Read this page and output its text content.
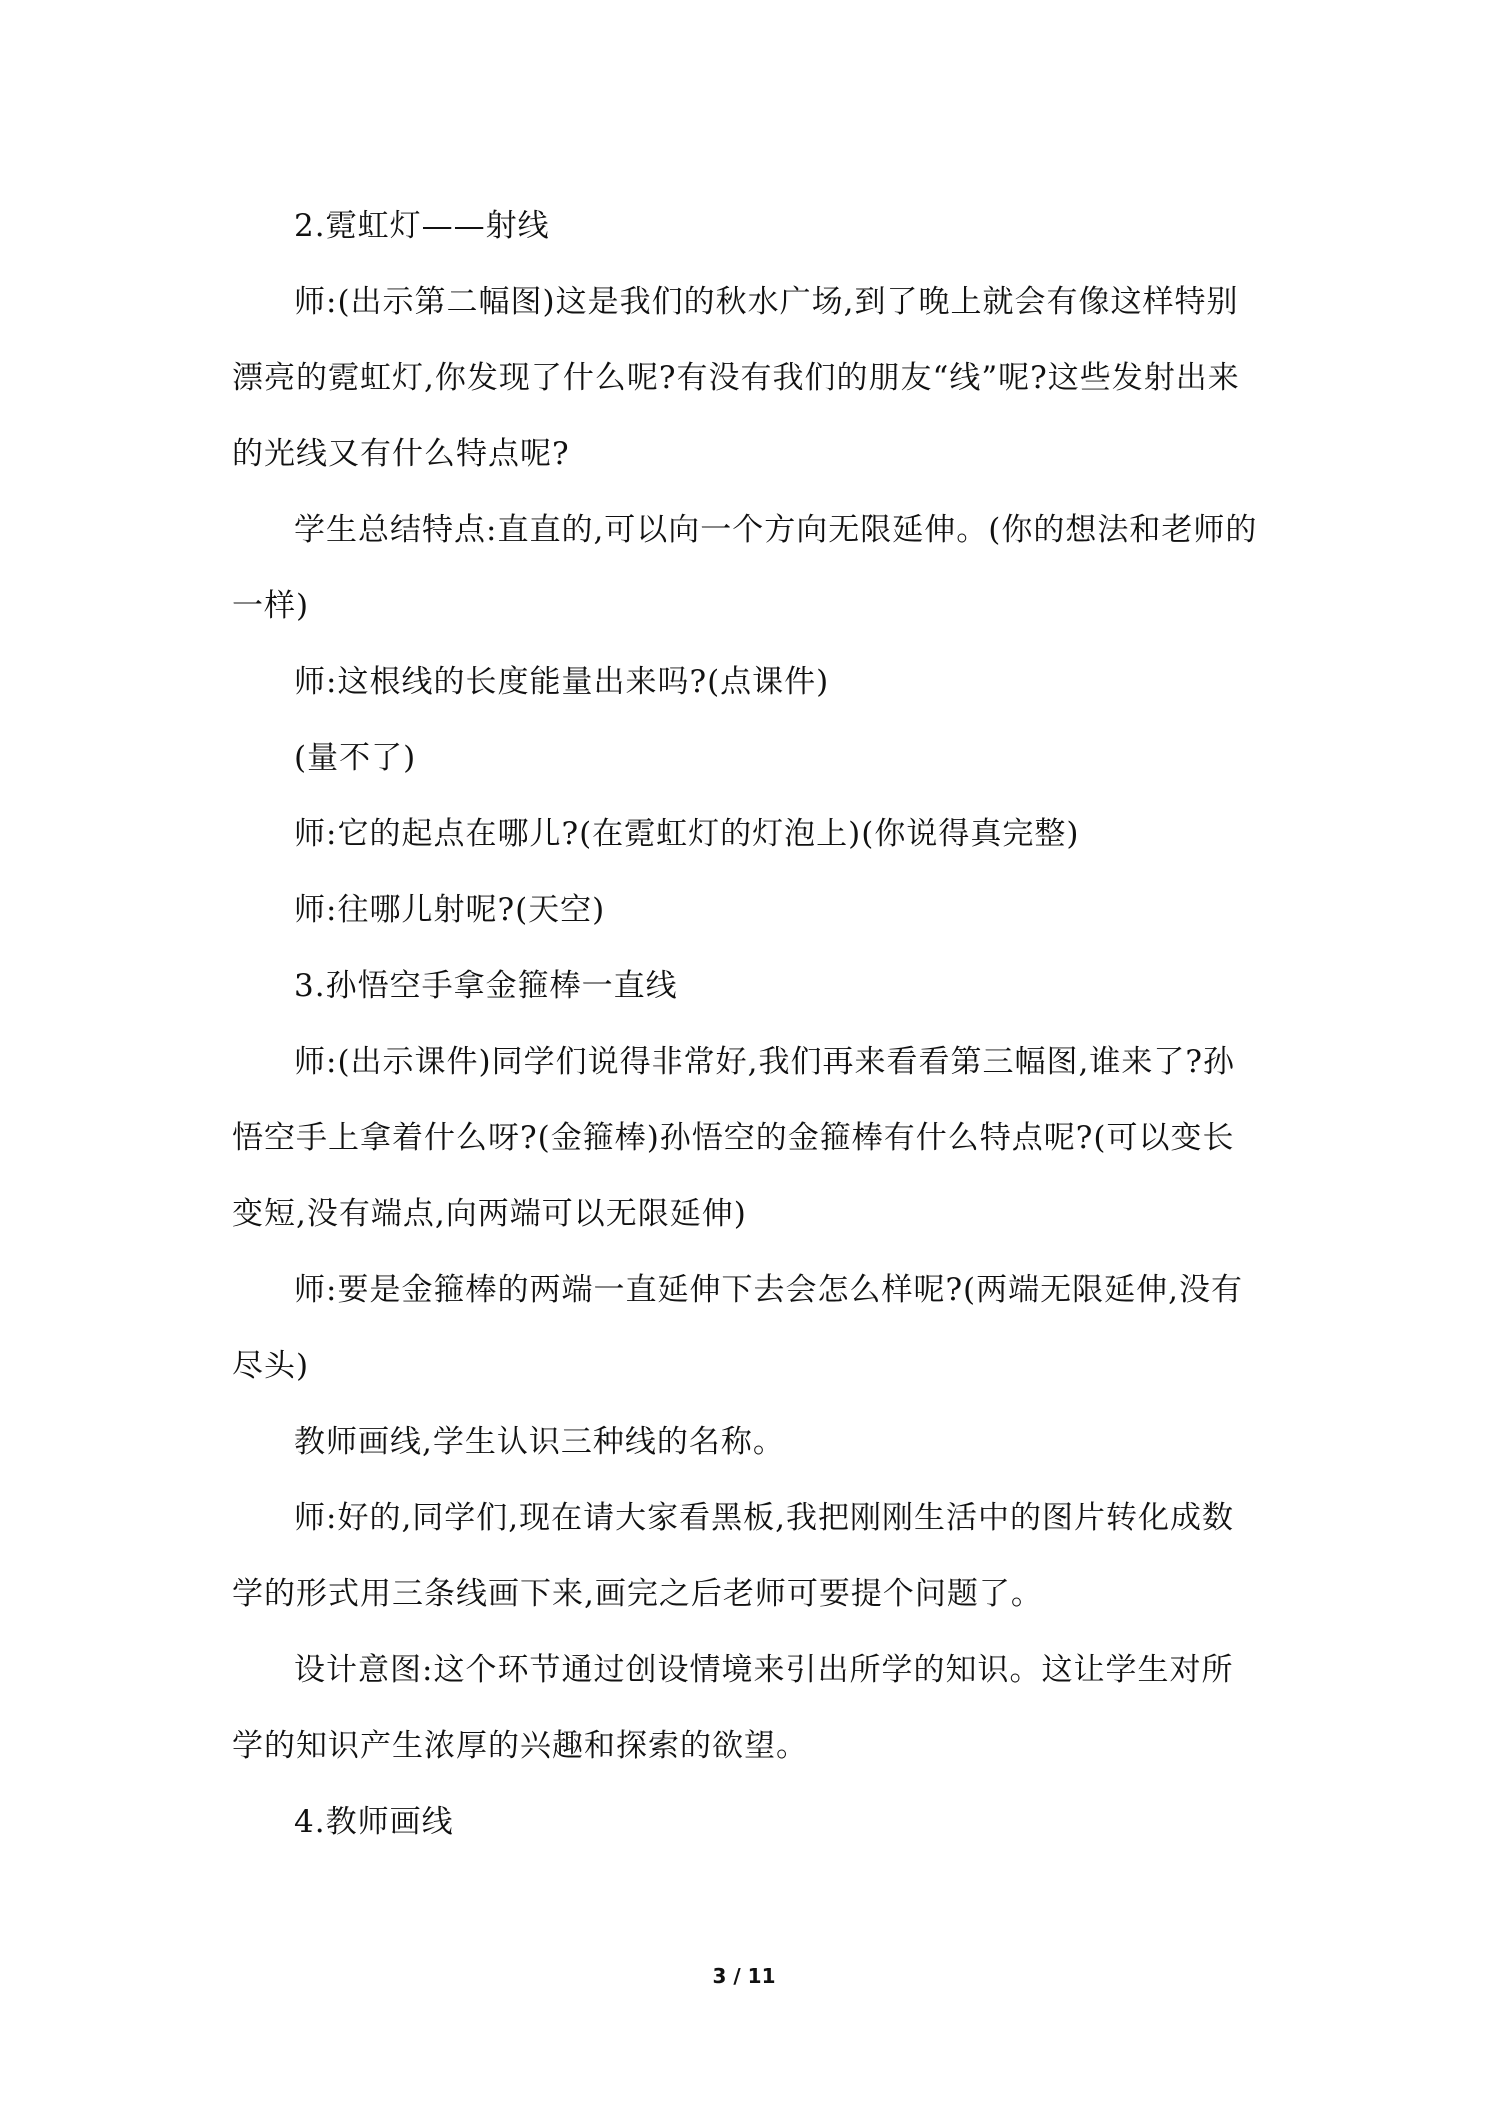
2.霓虹灯——射线

师:(出示第二幅图)这是我们的秋水广场,到了晚上就会有像这样特别漂亮的霓虹灯,你发现了什么呢?有没有我们的朋友“线”呢?这些发射出来的光线又有什么特点呢?

学生总结特点:直直的,可以向一个方向无限延伸。(你的想法和老师的一样)

师:这根线的长度能量出来吗?(点课件)

(量不了)

师:它的起点在哪儿?(在霓虹灯的灯泡上)(你说得真完整)

师:往哪儿射呢?(天空)

3.孙悟空手拿金箍棒一直线

师:(出示课件)同学们说得非常好,我们再来看看第三幅图,谁来了?孙悟空手上拿着什么呀?(金箍棒)孙悟空的金箍棒有什么特点呢?(可以变长变短,没有端点,向两端可以无限延伸)

师:要是金箍棒的两端一直延伸下去会怎么样呢?(两端无限延伸,没有尽头)

教师画线,学生认识三种线的名称。

师:好的,同学们,现在请大家看黑板,我把刚刚生活中的图片转化成数学的形式用三条线画下来,画完之后老师可要提个问题了。

设计意图:这个环节通过创设情境来引出所学的知识。这让学生对所学的知识产生浓厚的兴趣和探索的欲望。

4.教师画线

3 / 11
